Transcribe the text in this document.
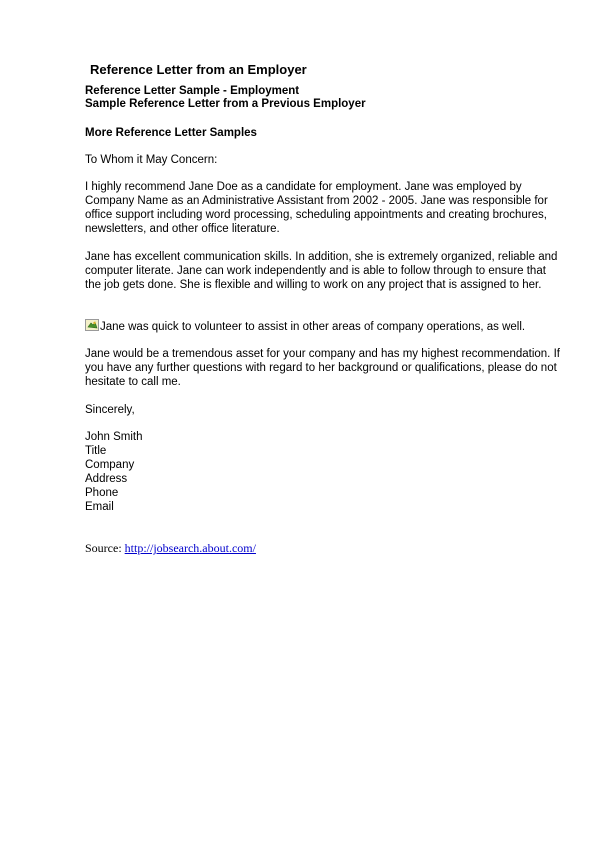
Reference Letter from an Employer
Reference Letter Sample - Employment
Sample Reference Letter from a Previous Employer
More Reference Letter Samples
To Whom it May Concern:
I highly recommend Jane Doe as a candidate for employment. Jane was employed by Company Name as an Administrative Assistant from 2002 - 2005. Jane was responsible for office support including word processing, scheduling appointments and creating brochures, newsletters, and other office literature.
Jane has excellent communication skills. In addition, she is extremely organized, reliable and computer literate. Jane can work independently and is able to follow through to ensure that the job gets done. She is flexible and willing to work on any project that is assigned to her.
Jane was quick to volunteer to assist in other areas of company operations, as well.
Jane would be a tremendous asset for your company and has my highest recommendation. If you have any further questions with regard to her background or qualifications, please do not hesitate to call me.
Sincerely,
John Smith
Title
Company
Address
Phone
Email
Source: http://jobsearch.about.com/
